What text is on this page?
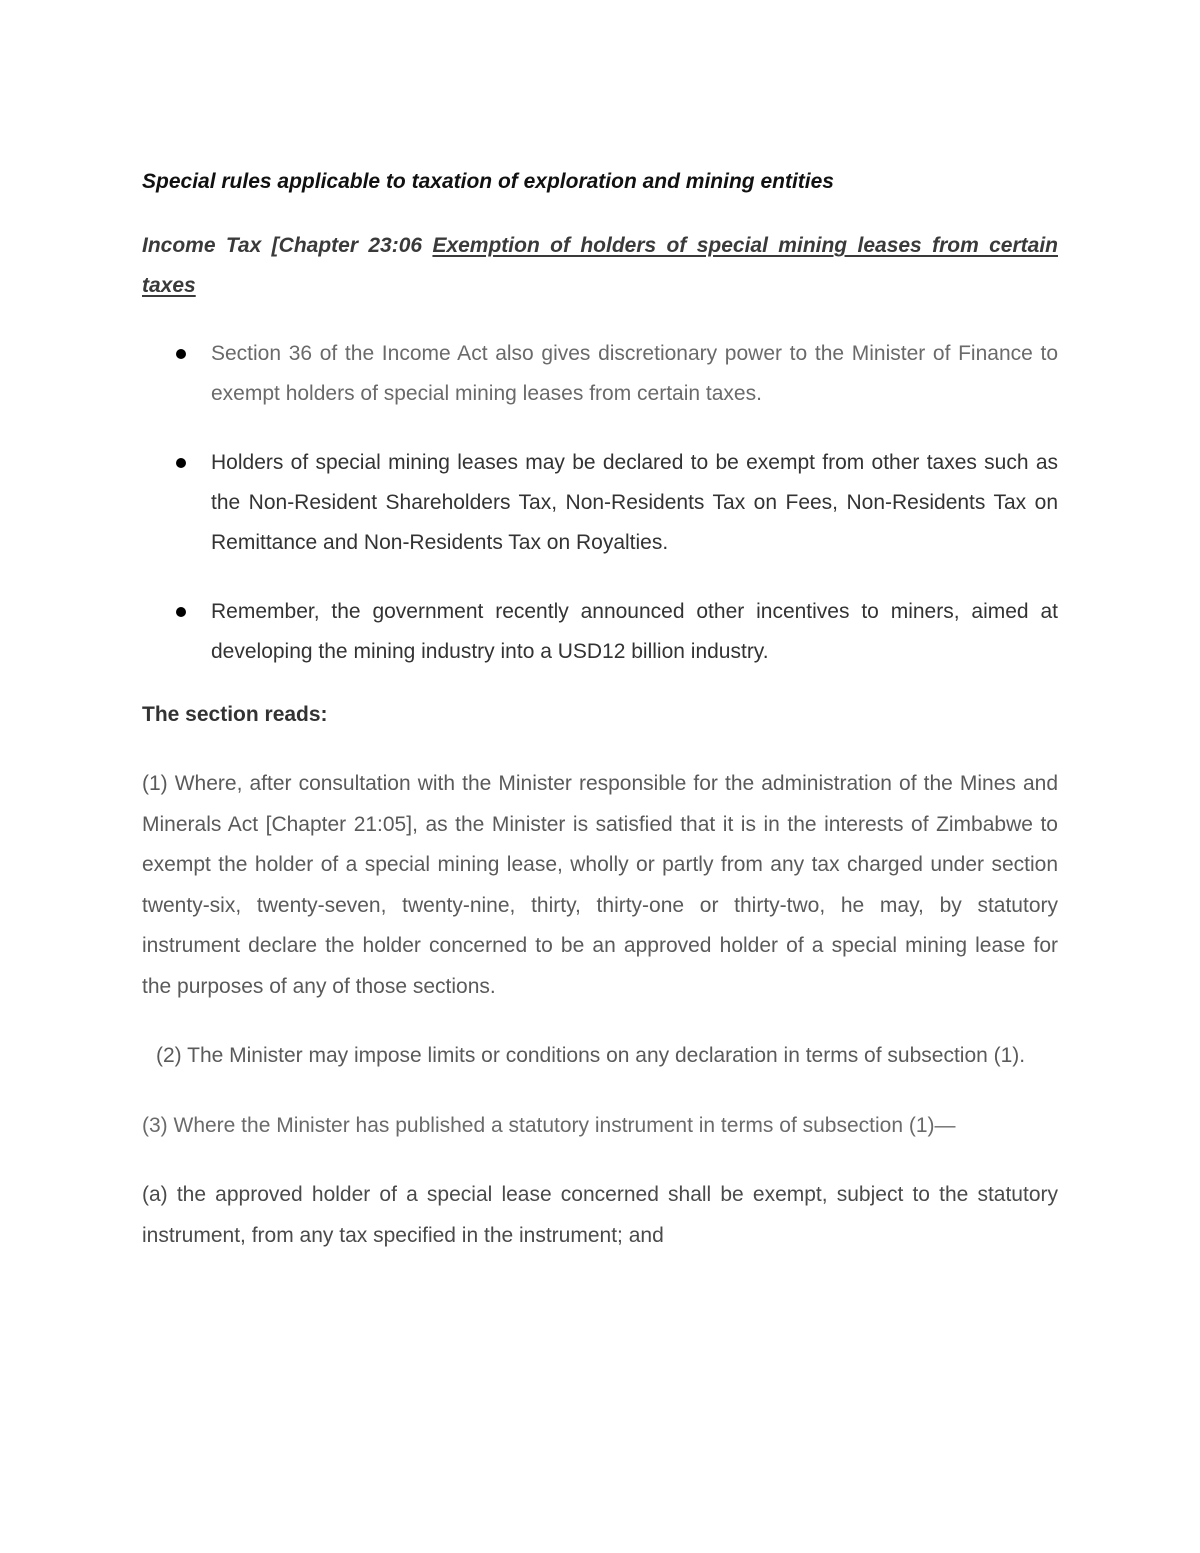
Special rules applicable to taxation of exploration and mining entities

Income Tax [Chapter 23:06 Exemption of holders of special mining leases from certain taxes

Section 36 of the Income Act also gives discretionary power to the Minister of Finance to exempt holders of special mining leases from certain taxes.
Holders of special mining leases may be declared to be exempt from other taxes such as the Non-Resident Shareholders Tax, Non-Residents Tax on Fees, Non-Residents Tax on Remittance and Non-Residents Tax on Royalties.
Remember, the government recently announced other incentives to miners, aimed at developing the mining industry into a USD12 billion industry.

The section reads:

(1) Where, after consultation with the Minister responsible for the administration of the Mines and Minerals Act [Chapter 21:05], as the Minister is satisfied that it is in the interests of Zimbabwe to exempt the holder of a special mining lease, wholly or partly from any tax charged under section twenty-six, twenty-seven, twenty-nine, thirty, thirty-one or thirty-two, he may, by statutory instrument declare the holder concerned to be an approved holder of a special mining lease for the purposes of any of those sections.

(2) The Minister may impose limits or conditions on any declaration in terms of subsection (1).

(3) Where the Minister has published a statutory instrument in terms of subsection (1)—

(a) the approved holder of a special lease concerned shall be exempt, subject to the statutory instrument, from any tax specified in the instrument; and
